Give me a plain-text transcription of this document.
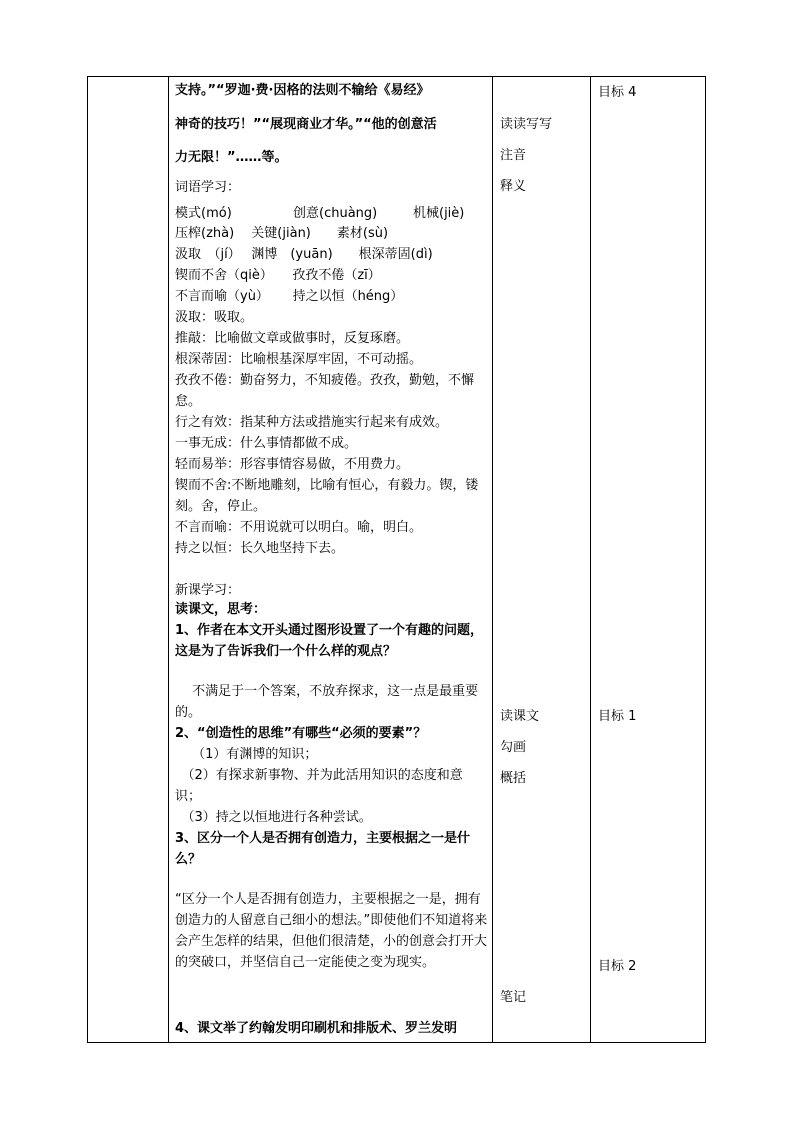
支持。”“罗迦·费·因格的法则不输给《易经》
神奇的技巧！”“展现商业才华。”“他的创意活
力无限！”……等。
词语学习：
模式(mó)	创意(chuàng)	机械(jiè)
压榨(zhà)　 关键(jiàn)　　素材(sù)
汲取　（jí）　 渊博　(yuān)　　根深蒂固(dì)
锲而不舍（qiè）　　孜孜不倦（zī）
不言而喻（yù）　　 持之以恒（héng）
汲取：吸取。
推敲：比喻做文章或做事时，反复琢磨。
根深蒂固：比喻根基深厚牢固，不可动摇。
孜孜不倦：勤奋努力，不知疲倦。孜孜，勤勉，不懈怠。
行之有效：指某种方法或措施实行起来有成效。
一事无成：什么事情都做不成。
轻而易举：形容事情容易做，不用费力。
锲而不舍:不断地雕刻，比喻有恒心，有毅力。锲，镂刻。舍，停止。
不言而喻：不用说就可以明白。喻，明白。
持之以恒：长久地坚持下去。
新课学习：
读课文，思考：
1、作者在本文开头通过图形设置了一个有趣的问题，这是为了告诉我们一个什么样的观点？
　 不满足于一个答案，不放弃探求，这一点是最重要的。
2、“创造性的思维”有哪些“必须的要素”？
　 （1）有渊博的知识；
　（2）有探求新事物、并为此活用知识的态度和意识；
　（3）持之以恒地进行各种尝试。
3、区分一个人是否拥有创造力，主要根据之一是什么？
“区分一个人是否拥有创造力，主要根据之一是，拥有创造力的人留意自己细小的想法。”即使他们不知道将来会产生怎样的结果，但他们很清楚，小的创意会打开大的突破口，并坚信自己一定能使之变为现实。
4、课文举了约翰发明印刷机和排版术、罗兰发明
读读写写
注音
释义
读课文
勾画
概括
笔记
目标 4
目标 1
目标 2
